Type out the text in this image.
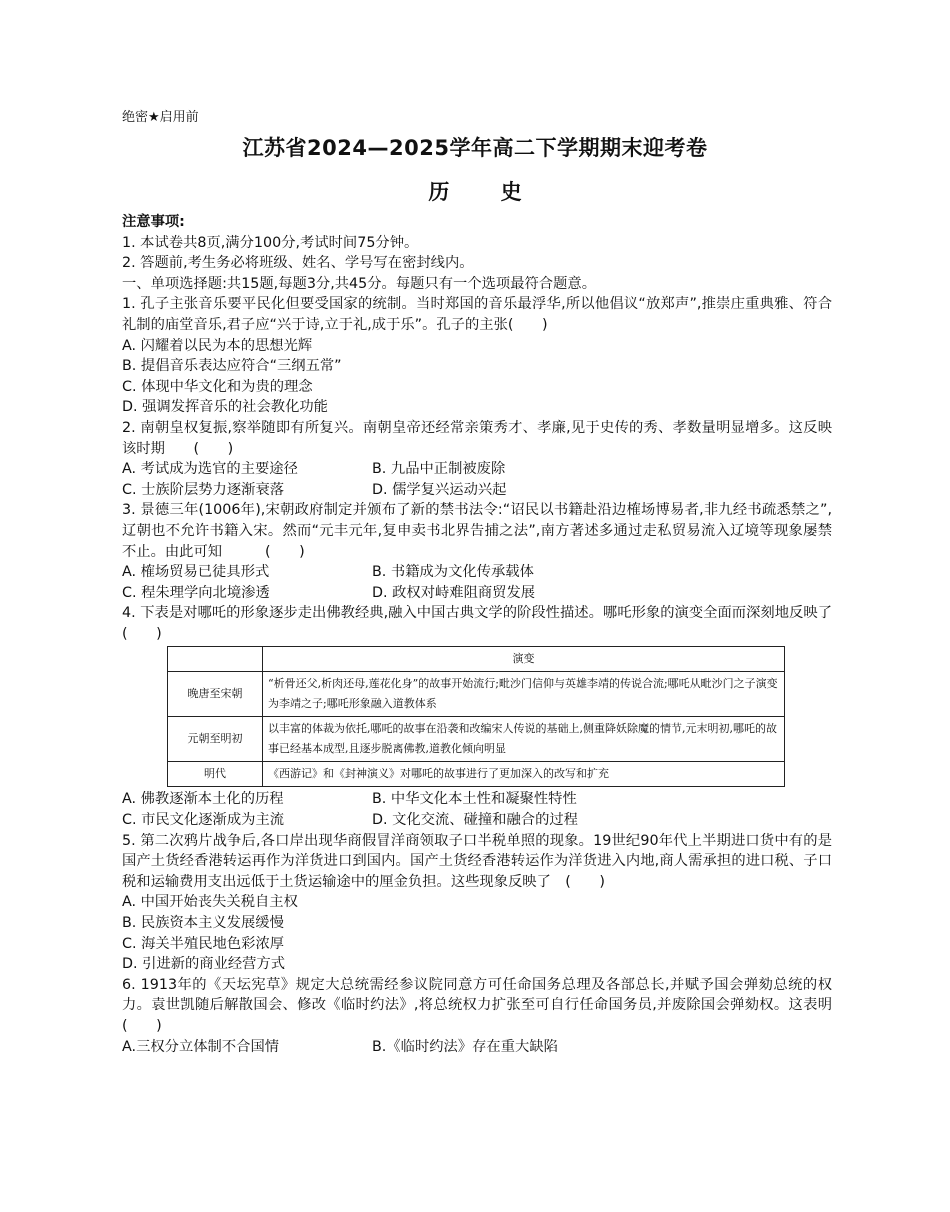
绝密★启用前
江苏省2024—2025学年高二下学期期末迎考卷
历 史
注意事项:
1. 本试卷共8页,满分100分,考试时间75分钟。
2. 答题前,考生务必将班级、姓名、学号写在密封线内。
一、单项选择题:共15题,每题3分,共45分。每题只有一个选项最符合题意。
1. 孔子主张音乐要平民化但要受国家的统制。当时郑国的音乐最浮华,所以他倡议“放郑声”,推崇庄重典雅、符合礼制的庙堂音乐,君子应“兴于诗,立于礼,成于乐”。孔子的主张(　　)
A. 闪耀着以民为本的思想光辉
B. 提倡音乐表达应符合“三纲五常”
C. 体现中华文化和为贵的理念
D. 强调发挥音乐的社会教化功能
2. 南朝皇权复振,察举随即有所复兴。南朝皇帝还经常亲策秀才、孝廉,见于史传的秀、孝数量明显增多。这反映该时期　　(　　)
A. 考试成为选官的主要途径	B. 九品中正制被废除
C. 士族阶层势力逐渐衰落	D. 儒学复兴运动兴起
3. 景德三年(1006年),宋朝政府制定并颁布了新的禁书法令:“诏民以书籍赴沿边榷场博易者,非九经书疏悉禁之”,辽朝也不允许书籍入宋。然而“元丰元年,复申卖书北界告捕之法”,南方著述多通过走私贸易流入辽境等现象屡禁不止。由此可知　　　(　　)
A. 榷场贸易已徒具形式	B. 书籍成为文化传承载体
C. 程朱理学向北境渗透	D. 政权对峙难阻商贸发展
4. 下表是对哪吒的形象逐步走出佛教经典,融入中国古典文学的阶段性描述。哪吒形象的演变全面而深刻地反映了　　(　　)
	演变
晚唐至宋朝	“析骨还父,析肉还母,莲花化身”的故事开始流行;毗沙门信仰与英雄李靖的传说合流;哪吒从毗沙门之子演变为李靖之子;哪吒形象融入道教体系
元朝至明初	以丰富的体裁为依托,哪吒的故事在沿袭和改编宋人传说的基础上,侧重降妖除魔的情节,元末明初,哪吒的故事已经基本成型,且逐步脱离佛教,道教化倾向明显
明代	《西游记》和《封神演义》对哪吒的故事进行了更加深入的改写和扩充
A. 佛教逐渐本土化的历程	B. 中华文化本土性和凝聚性特性
C. 市民文化逐渐成为主流	D. 文化交流、碰撞和融合的过程
5. 第二次鸦片战争后,各口岸出现华商假冒洋商领取子口半税单照的现象。19世纪90年代上半期进口货中有的是国产土货经香港转运再作为洋货进口到国内。国产土货经香港转运作为洋货进入内地,商人需承担的进口税、子口税和运输费用支出远低于土货运输途中的厘金负担。这些现象反映了　(　　)
A. 中国开始丧失关税自主权
B. 民族资本主义发展缓慢
C. 海关半殖民地色彩浓厚
D. 引进新的商业经营方式
6. 1913年的《天坛宪草》规定大总统需经参议院同意方可任命国务总理及各部总长,并赋予国会弹劾总统的权力。袁世凯随后解散国会、修改《临时约法》,将总统权力扩张至可自行任命国务员,并废除国会弹劾权。这表明　　　　(　　)
A.三权分立体制不合国情	B.《临时约法》存在重大缺陷
